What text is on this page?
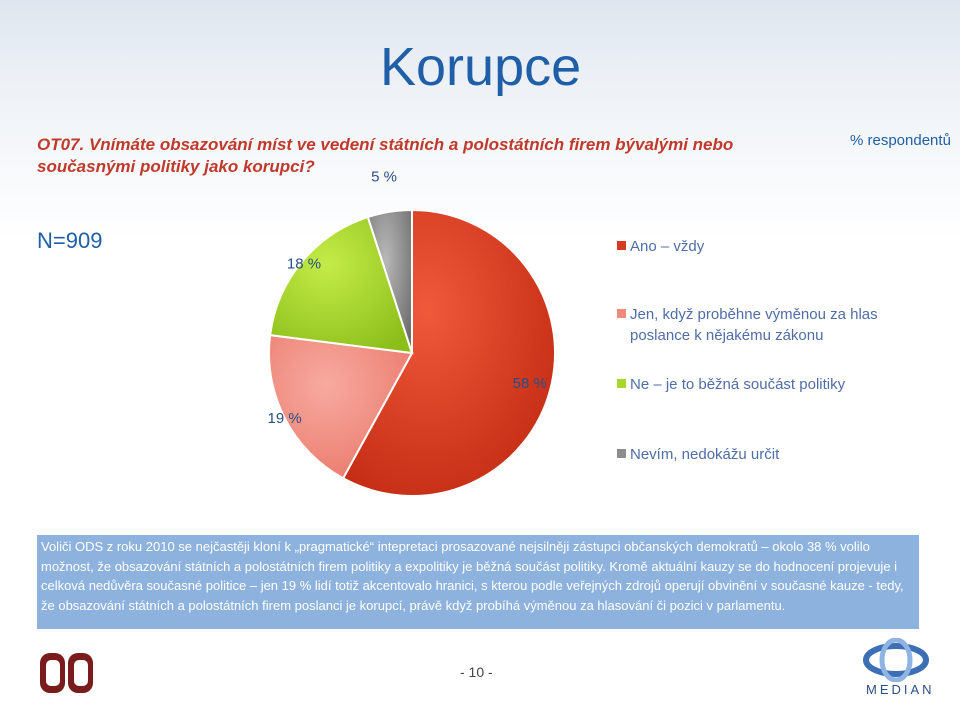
Korupce
OT07. Vnímáte obsazování míst ve vedení státních a polostátních firem bývalými nebo současnými politiky jako korupci?
% respondentů
N=909
58 %
19 %
18 %
5 %
Ano – vždy
Jen, když proběhne výměnou za hlas poslance k nějakému zákonu
Ne – je to běžná součást politiky
Nevím, nedokážu určit
Voliči ODS z roku 2010 se nejčastěji kloní k „pragmatické“ intepretaci prosazované nejsilněji zástupci občanských demokratů – okolo 38 % volilo možnost, že obsazování státních a polostátních firem politiky a expolitiky je běžná součást politiky. Kromě aktuální kauzy se do hodnocení projevuje i celková nedůvěra současné politice – jen 19 % lidí totiž akcentovalo hranici, s kterou podle veřejných zdrojů operují obvinění v současné kauze - tedy, že obsazování státních a polostátních firem poslanci je korupcí, právě když probíhá výměnou za hlasování či pozici v parlamentu.
- 10 -
MEDIAN
